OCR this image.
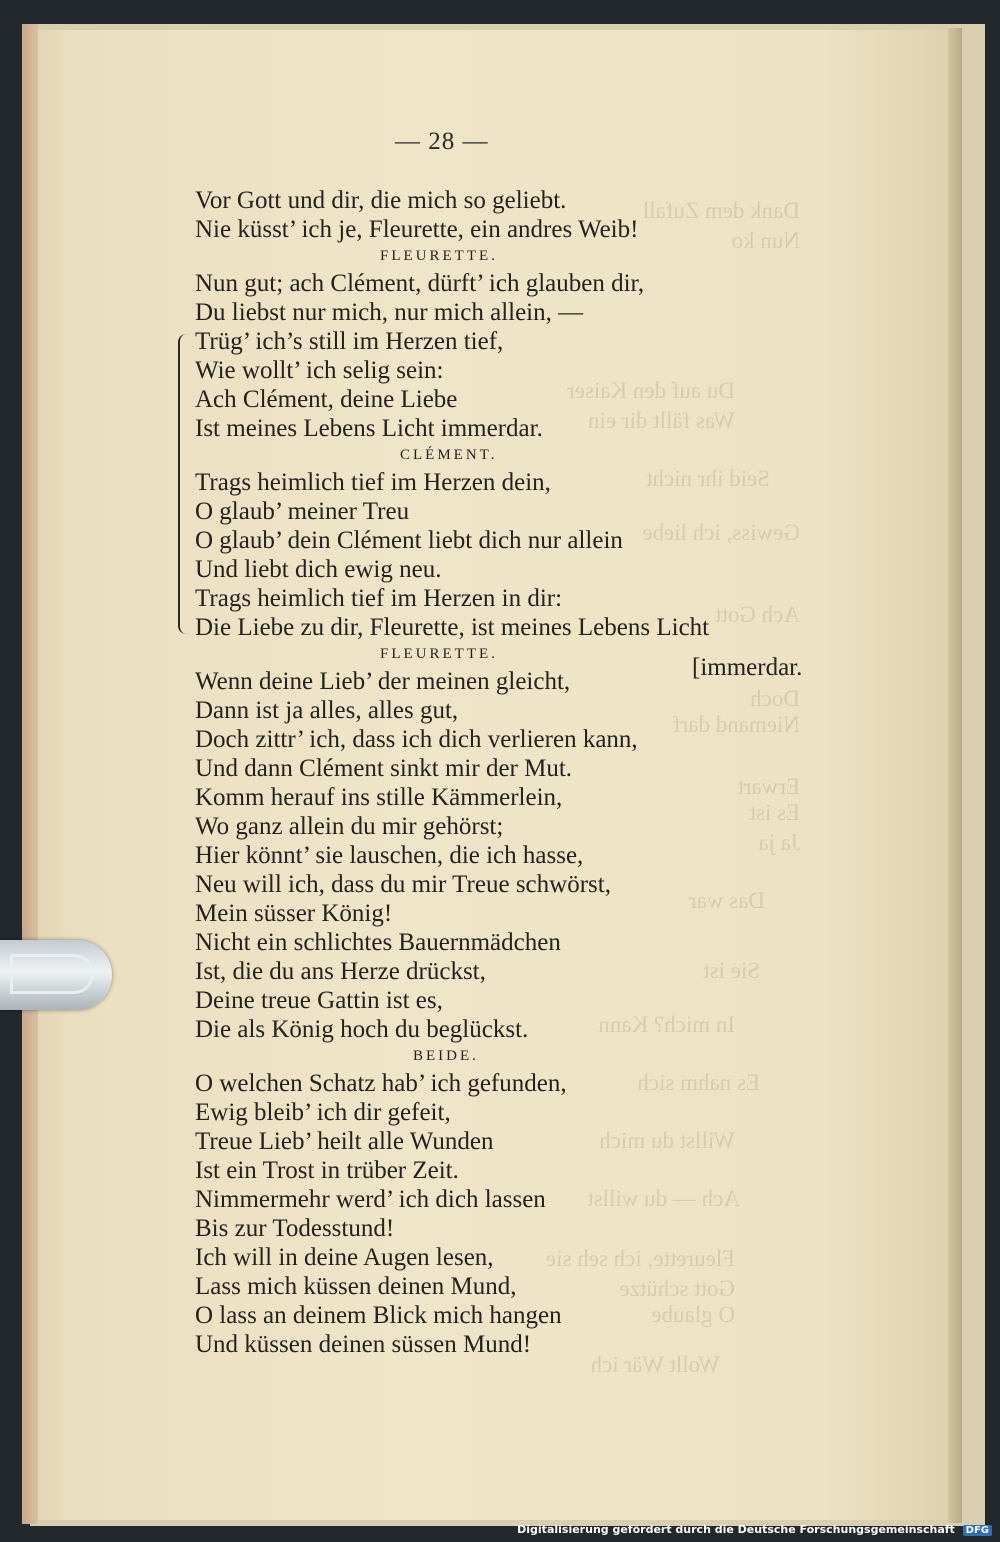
Dank dem Zufall
Nun ko
Du auf den Kaiser
Was fällt dir ein
Seid ihr nicht
Gewiss, ich liebe
Ach Gott
Doch
Niemand darf
Erwart
Es ist
Ja ja
Das war
Sie ist
In mich? Kann
Es nahm sich
Willst du mich
Ach — du willst
Fleurette, ich seh sie
Gott schütze
O glaube
Wollt Wär ich
— 28 —
Vor Gott und dir, die mich so geliebt.
Nie küsst’ ich je, Fleurette, ein andres Weib!
FLEURETTE.
Nun gut; ach Clément, dürft’ ich glauben dir,
Du liebst nur mich, nur mich allein, —
Trüg’ ich’s still im Herzen tief,
Wie wollt’ ich selig sein:
Ach Clément, deine Liebe
Ist meines Lebens Licht immerdar.
CLÉMENT.
Trags heimlich tief im Herzen dein,
O glaub’ meiner Treu
O glaub’ dein Clément liebt dich nur allein
Und liebt dich ewig neu.
Trags heimlich tief im Herzen in dir:
Die Liebe zu dir, Fleurette, ist meines Lebens Licht
FLEURETTE.
Wenn deine Lieb’ der meinen gleicht,
Dann ist ja alles, alles gut,
Doch zittr’ ich, dass ich dich verlieren kann,
Und dann Clément sinkt mir der Mut.
Komm herauf ins stille Kämmerlein,
Wo ganz allein du mir gehörst;
Hier könnt’ sie lauschen, die ich hasse,
Neu will ich, dass du mir Treue schwörst,
Mein süsser König!
Nicht ein schlichtes Bauernmädchen
Ist, die du ans Herze drückst,
Deine treue Gattin ist es,
Die als König hoch du beglückst.
BEIDE.
O welchen Schatz hab’ ich gefunden,
Ewig bleib’ ich dir gefeit,
Treue Lieb’ heilt alle Wunden
Ist ein Trost in trüber Zeit.
Nimmermehr werd’ ich dich lassen
Bis zur Todesstund!
Ich will in deine Augen lesen,
Lass mich küssen deinen Mund,
O lass an deinem Blick mich hangen
Und küssen deinen süssen Mund!
[immerdar.
Digitalisierung gefördert durch die Deutsche Forschungsgemeinschaft DFG
